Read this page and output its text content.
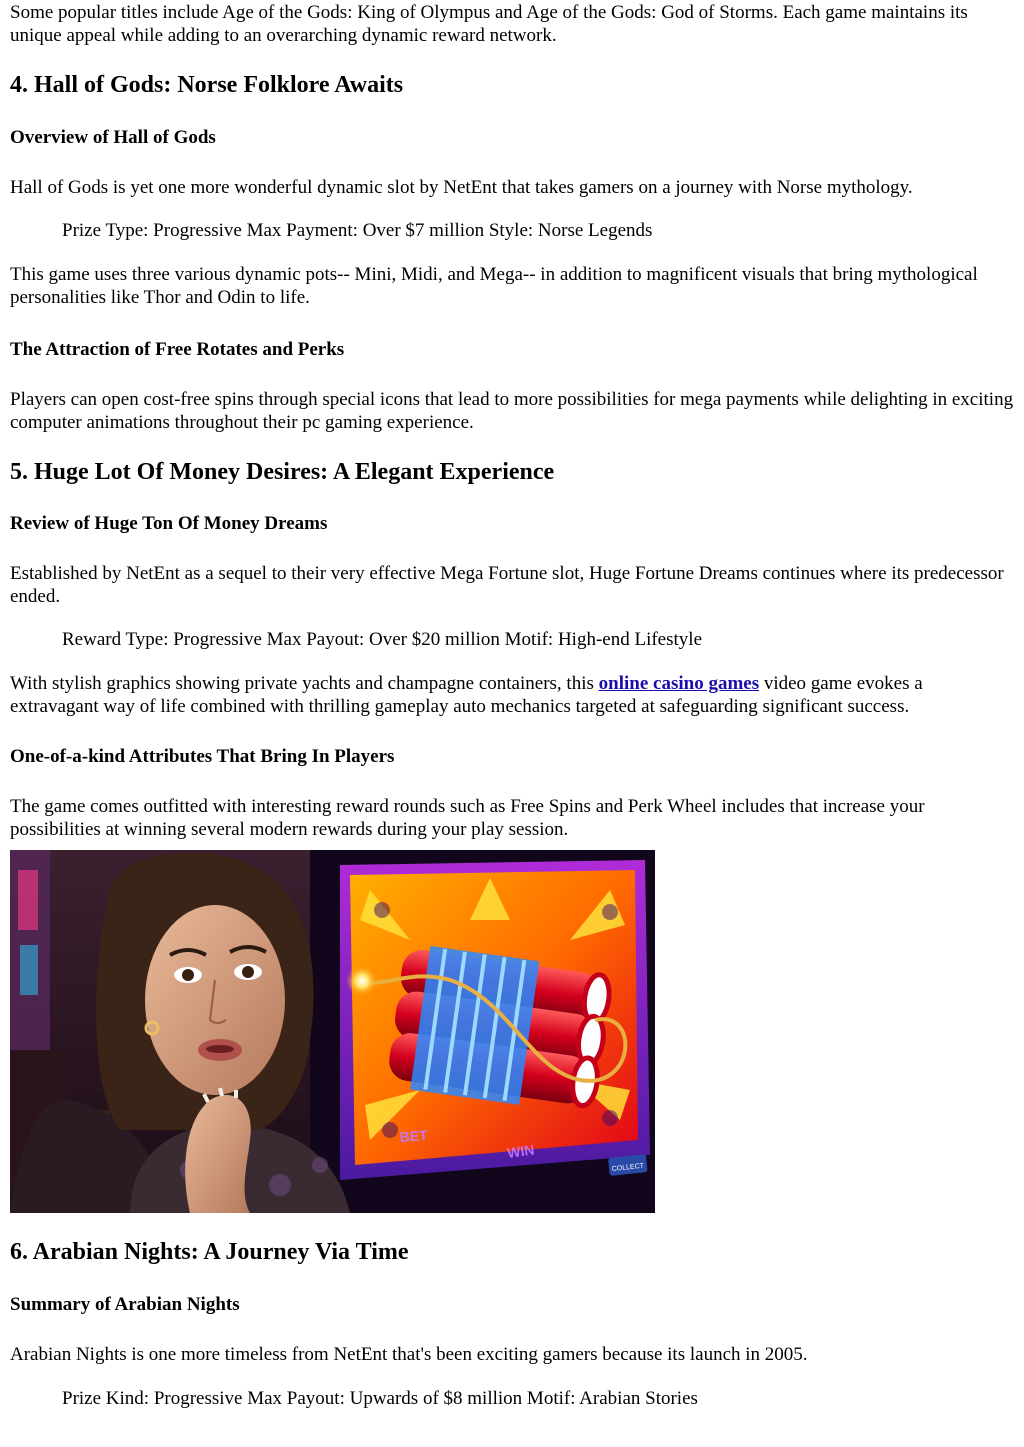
Some popular titles include Age of the Gods: King of Olympus and Age of the Gods: God of Storms. Each game maintains its unique appeal while adding to an overarching dynamic reward network.

4. Hall of Gods: Norse Folklore Awaits
Overview of Hall of Gods

Hall of Gods is yet one more wonderful dynamic slot by NetEnt that takes gamers on a journey with Norse mythology.

Prize Type: Progressive Max Payment: Over $7 million Style: Norse Legends

This game uses three various dynamic pots-- Mini, Midi, and Mega-- in addition to magnificent visuals that bring mythological personalities like Thor and Odin to life.

The Attraction of Free Rotates and Perks

Players can open cost-free spins through special icons that lead to more possibilities for mega payments while delighting in exciting computer animations throughout their pc gaming experience.

5. Huge Lot Of Money Desires: A Elegant Experience
Review of Huge Ton Of Money Dreams

Established by NetEnt as a sequel to their very effective Mega Fortune slot, Huge Fortune Dreams continues where its predecessor ended.

Reward Type: Progressive Max Payout: Over $20 million Motif: High-end Lifestyle

With stylish graphics showing private yachts and champagne containers, this online casino games video game evokes a extravagant way of life combined with thrilling gameplay auto mechanics targeted at safeguarding significant success.

One-of-a-kind Attributes That Bring In Players

The game comes outfitted with interesting reward rounds such as Free Spins and Perk Wheel includes that increase your possibilities at winning several modern rewards during your play session.

BET
WIN
COLLECT
6. Arabian Nights: A Journey Via Time
Summary of Arabian Nights

Arabian Nights is one more timeless from NetEnt that's been exciting gamers because its launch in 2005.

Prize Kind: Progressive Max Payout: Upwards of $8 million Motif: Arabian Stories
